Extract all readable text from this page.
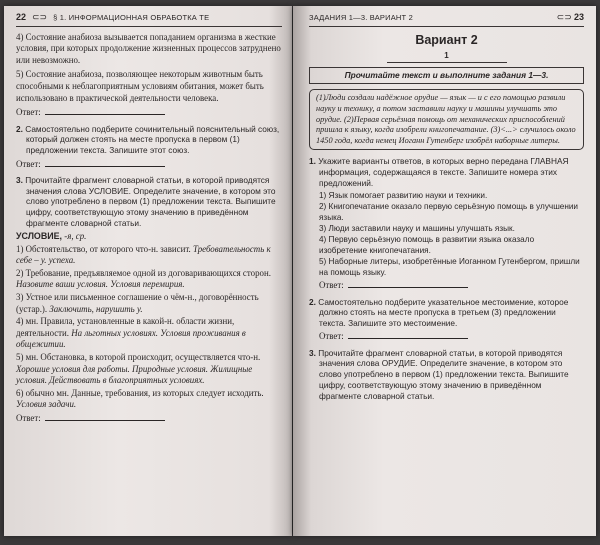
22 ⊂⊃ § 1. ИНФОРМАЦИОННАЯ ОБРАБОТКА ТЕ

4) Состояние анабиоза вызывается попаданием организма в жесткие условия, при которых продолжение жизненных процессов затруднено или невозможно.

5) Состояние анабиоза, позволяющее некоторым животным быть способными к неблагоприятным условиям обитания, может быть использовано в практической деятельности человека.

Ответ:

2. Самостоятельно подберите сочинительный пояснительный союз, который должен стоять на месте пропуска в первом (1) предложении текста. Запишите этот союз.

Ответ:

3. Прочитайте фрагмент словарной статьи, в которой приводятся значения слова УСЛОВИЕ. Определите значение, в котором это слово употреблено в первом (1) предложении текста. Выпишите цифру, соответствующую этому значению в приведённом фрагменте словарной статьи.

УСЛОВИЕ, -я, ср.

1) Обстоятельство, от которого что-н. зависит. Требовательность к себе – у. успеха.

2) Требование, предъявляемое одной из договаривающихся сторон. Назовите ваши условия. Условия перемирия.

3) Устное или письменное соглашение о чём-н., договорённость (устар.). Заключить, нарушить у.

4) мн. Правила, установленные в какой-н. области жизни, деятельности. На льготных условиях. Условия проживания в общежитии.

5) мн. Обстановка, в которой происходит, осуществляется что-н. Хорошие условия для работы. Природные условия. Жилищные условия. Действовать в благоприятных условиях.

6) обычно мн. Данные, требования, из которых следует исходить. Условия задачи.

Ответ:
ЗАДАНИЯ 1—3. ВАРИАНТ 2	⊂⊃ 23
Вариант 2
1
Прочитайте текст и выполните задания 1—3.
(1)Люди создали надёжное орудие — язык — и с его помощью развили науку и технику, а потом заставили науку и машины улучшать это орудие. (2)Первая серьёзная помощь от механических приспособлений пришла к языку, когда изобрели книгопечатание. (3)<...> случилось около 1450 года, когда немец Иоганн Гутенберг изобрёл наборные литеры.

1. Укажите варианты ответов, в которых верно передана ГЛАВНАЯ информация, содержащаяся в тексте. Запишите номера этих предложений.

1) Язык помогает развитию науки и техники.

2) Книгопечатание оказало первую серьёзную помощь в улучшении языка.

3) Люди заставили науку и машины улучшать язык.

4) Первую серьёзную помощь в развитии языка оказало изобретение книгопечатания.

5) Наборные литеры, изобретённые Иоганном Гутенбергом, пришли на помощь языку.

Ответ:

2. Самостоятельно подберите указательное местоимение, которое должно стоять на месте пропуска в третьем (3) предложении текста. Запишите это местоимение.

Ответ:

3. Прочитайте фрагмент словарной статьи, в которой приводятся значения слова ОРУДИЕ. Определите значение, в котором это слово употреблено в первом (1) предложении текста. Выпишите цифру, соответствующую этому значению в приведённом фрагменте словарной статьи.
